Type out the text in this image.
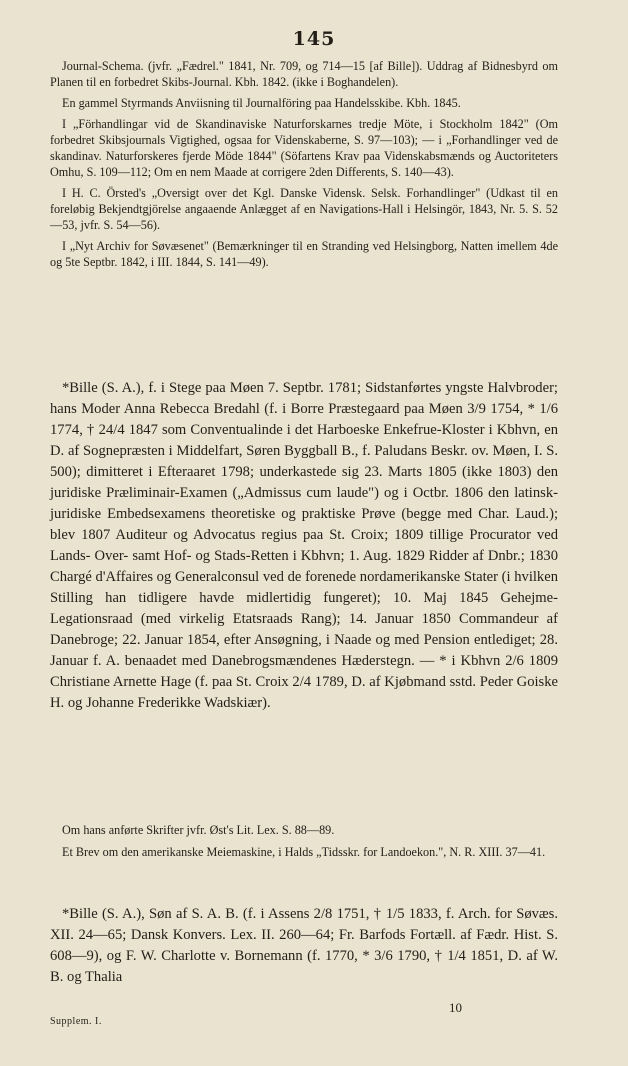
145
Journal-Schema. (jvfr. „Fædrel." 1841, Nr. 709, og 714—15 [af Bille]). Uddrag af Bidnesbyrd om Planen til en forbedret Skibs-Journal. Kbh. 1842. (ikke i Boghandelen).
En gammel Styrmands Anviisning til Journalföring paa Handelsskibe. Kbh. 1845.
I „Förhandlingar vid de Skandinaviske Naturforskarnes tredje Möte, i Stockholm 1842" (Om forbedret Skibsjournals Vigtighed, ogsaa for Videnskaberne, S. 97—103); — i „Forhandlinger ved de skandinav. Naturforskeres fjerde Möde 1844" (Söfartens Krav paa Videnskabsmænds og Auctoriteters Omhu, S. 109—112; Om en nem Maade at corrigere 2den Differents, S. 140—43).
I H. C. Örsted's „Oversigt over det Kgl. Danske Vidensk. Selsk. Forhandlinger" (Udkast til en foreløbig Bekjendtgjörelse angaaende Anlægget af en Navigations-Hall i Helsingör, 1843, Nr. 5. S. 52—53, jvfr. S. 54—56).
I „Nyt Archiv for Søvæsenet" (Bemærkninger til en Stranding ved Helsingborg, Natten imellem 4de og 5te Septbr. 1842, i III. 1844, S. 141—49).
*Bille (S. A.), f. i Stege paa Møen 7. Septbr. 1781; Sidstanførtes yngste Halvbroder; hans Moder Anna Rebecca Bredahl (f. i Borre Præstegaard paa Møen 3/9 1754, * 1/6 1774, † 24/4 1847 som Conventualinde i det Harboeske Enkefrue-Kloster i Kbhvn, en D. af Sognepræsten i Middelfart, Søren Byggball B., f. Paludans Beskr. ov. Møen, I. S. 500); dimitteret i Efteraaret 1798; underkastede sig 23. Marts 1805 (ikke 1803) den juridiske Præliminair-Examen („Admissus cum laude") og i Octbr. 1806 den latinsk-juridiske Embedsexamens theoretiske og praktiske Prøve (begge med Char. Laud.); blev 1807 Auditeur og Advocatus regius paa St. Croix; 1809 tillige Procurator ved Lands- Over- samt Hof- og Stads-Retten i Kbhvn; 1. Aug. 1829 Ridder af Dnbr.; 1830 Chargé d'Affaires og Generalconsul ved de forenede nordamerikanske Stater (i hvilken Stilling han tidligere havde midlertidig fungeret); 10. Maj 1845 Gehejme-Legationsraad (med virkelig Etatsraads Rang); 14. Januar 1850 Commandeur af Danebroge; 22. Januar 1854, efter Ansøgning, i Naade og med Pension entlediget; 28. Januar f. A. benaadet med Danebrogsmændenes Hæderstegn. — * i Kbhvn 2/6 1809 Christiane Arnette Hage (f. paa St. Croix 2/4 1789, D. af Kjøbmand sstd. Peder Goiske H. og Johanne Frederikke Wadskiær).
Om hans anførte Skrifter jvfr. Øst's Lit. Lex. S. 88—89.
Et Brev om den amerikanske Meiemaskine, i Halds „Tidsskr. for Landoekon.", N. R. XIII. 37—41.
*Bille (S. A.), Søn af S. A. B. (f. i Assens 2/8 1751, † 1/5 1833, f. Arch. for Søvæs. XII. 24—65; Dansk Konvers. Lex. II. 260—64; Fr. Barfods Fortæll. af Fædr. Hist. S. 608—9), og F. W. Charlotte v. Bornemann (f. 1770, * 3/6 1790, † 1/4 1851, D. af W. B. og Thalia
10
Supplem. I.
